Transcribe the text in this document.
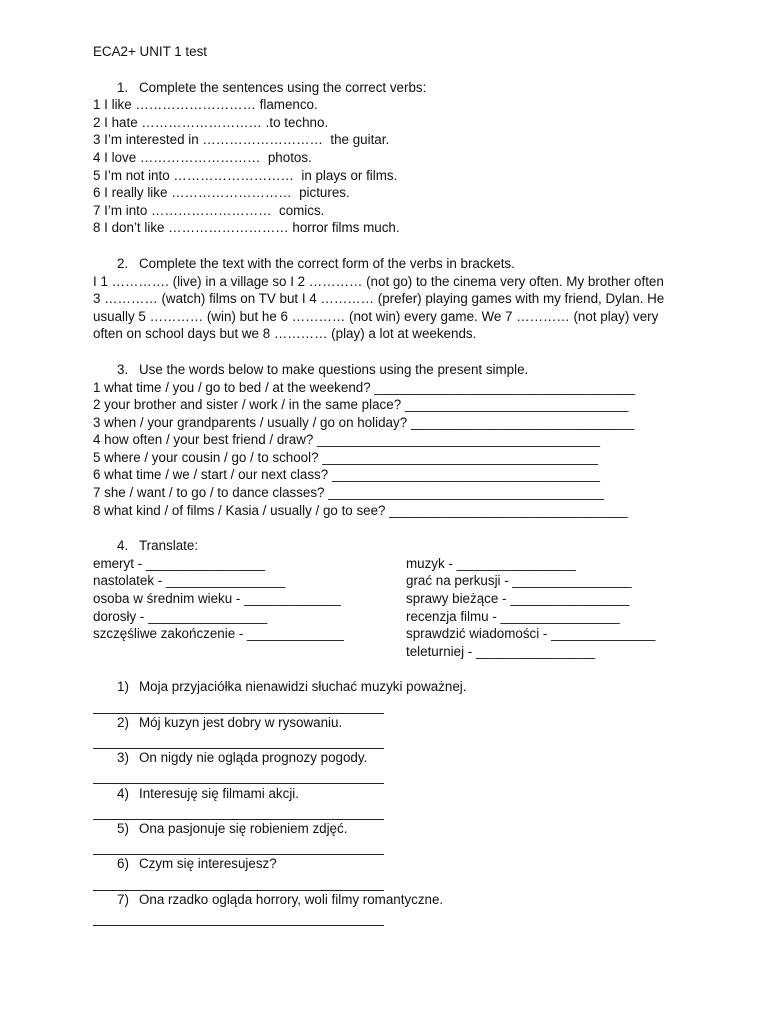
ECA2+ UNIT 1 test
1. Complete the sentences using the correct verbs:
1 I like ……………………… flamenco.
2 I hate ……………………… .to techno.
3 I’m interested in ………………………  the guitar.
4 I love ………………………  photos.
5 I’m not into ………………………  in plays or films.
6 I really like ………………………  pictures.
7 I’m into ………………………  comics.
8 I don’t like ……………………… horror films much.
2. Complete the text with the correct form of the verbs in brackets.
I 1 …………. (live) in a village so I 2 ………… (not go) to the cinema very often. My brother often 3 ………… (watch) films on TV but I 4 ………… (prefer) playing games with my friend, Dylan. He usually 5 ………… (win) but he 6 ………… (not win) every game. We 7 ………… (not play) very often on school days but we 8 ………… (play) a lot at weekends.
3. Use the words below to make questions using the present simple.
1 what time / you / go to bed / at the weekend? ___________________________________
2 your brother and sister / work / in the same place? ______________________________
3 when / your grandparents / usually / go on holiday? ______________________________
4 how often / your best friend / draw? ______________________________________
5 where / your cousin / go / to school? _____________________________________
6 what time / we / start / our next class? ____________________________________
7 she / want / to go / to dance classes? _____________________________________
8 what kind / of films / Kasia / usually / go to see? ________________________________
4. Translate:
emeryt - ________________
nastolatek - ________________
osoba w średnim wieku - _____________
dorosły - ________________
szczęśliwe zakończenie - _____________
muzyk - ________________
grać na perkusji - ________________
sprawy bieżące - ________________
recenzja filmu - ________________
sprawdzić wiadomości - ______________
teleturniej - ________________
1) Moja przyjaciółka nienawidzi słuchać muzyki poważnej.
2) Mój kuzyn jest dobry w rysowaniu.
3) On nigdy nie ogląda prognozy pogody.
4) Interesuję się filmami akcji.
5) Ona pasjonuje się robieniem zdjęć.
6) Czym się interesujesz?
7) Ona rzadko ogląda horrory, woli filmy romantyczne.
